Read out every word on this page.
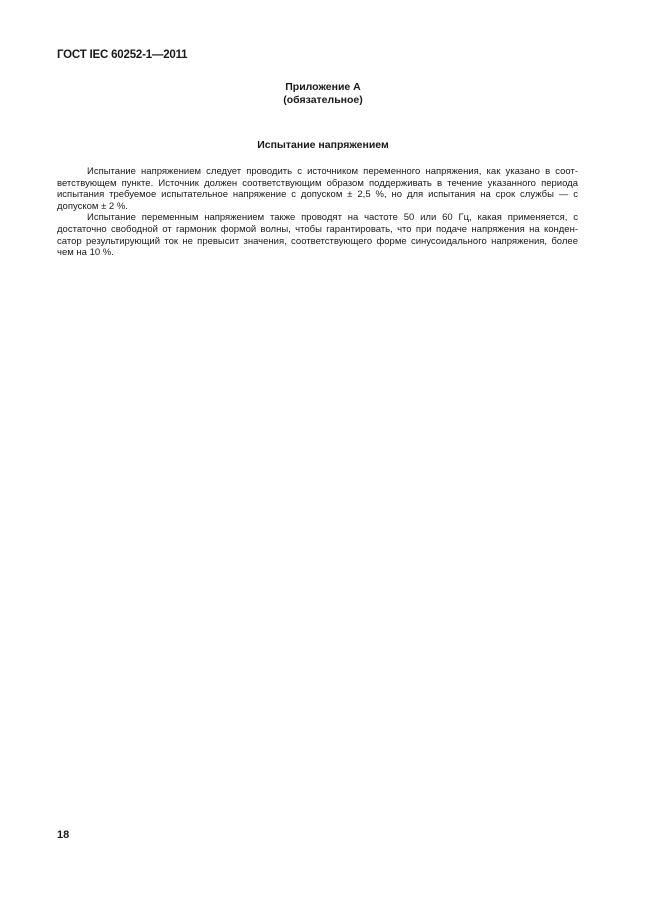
ГОСТ IEC 60252-1—2011
Приложение А
(обязательное)
Испытание напряжением
Испытание напряжением следует проводить с источником переменного напряжения, как указано в соот-
ветствующем пункте. Источник должен соответствующим образом поддерживать в течение указанного периода
испытания требуемое испытательное напряжение с допуском ± 2,5 %, но для испытания на срок службы — с
допуском ± 2 %.
Испытание переменным напряжением также проводят на частоте 50 или 60 Гц, какая применяется, с
достаточно свободной от гармоник формой волны, чтобы гарантировать, что при подаче напряжения на конден-
сатор результирующий ток не превысит значения, соответствующего форме синусоидального напряжения, более
чем на 10 %.
18
